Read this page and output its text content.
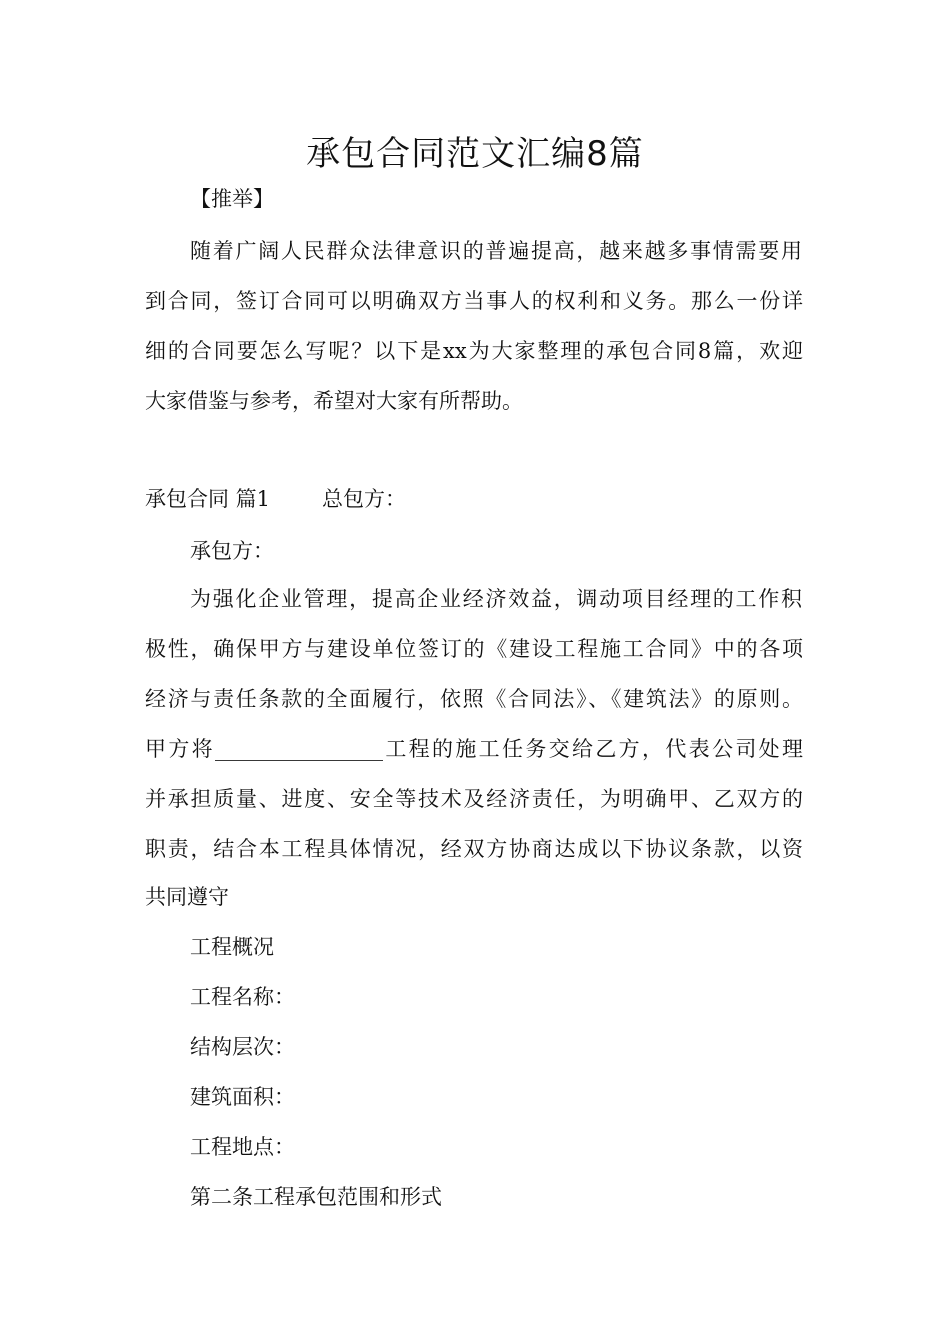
承包合同范文汇编8篇
【推举】
随着广阔人民群众法律意识的普遍提高，越来越多事情需要用
到合同，签订合同可以明确双方当事人的权利和义务。那么一份详
细的合同要怎么写呢？以下是xx为大家整理的承包合同8篇，欢迎
大家借鉴与参考，希望对大家有所帮助。
承包合同 篇1 总包方：
承包方：
为强化企业管理，提高企业经济效益，调动项目经理的工作积
极性，确保甲方与建设单位签订的《建设工程施工合同》中的各项
经济与责任条款的全面履行，依照《合同法》、《建筑法》的原则。
甲方将________________工程的施工任务交给乙方，代表公司处理
并承担质量、进度、安全等技术及经济责任，为明确甲、乙双方的
职责，结合本工程具体情况，经双方协商达成以下协议条款，以资
共同遵守
工程概况
工程名称：
结构层次：
建筑面积：
工程地点：
第二条工程承包范围和形式
